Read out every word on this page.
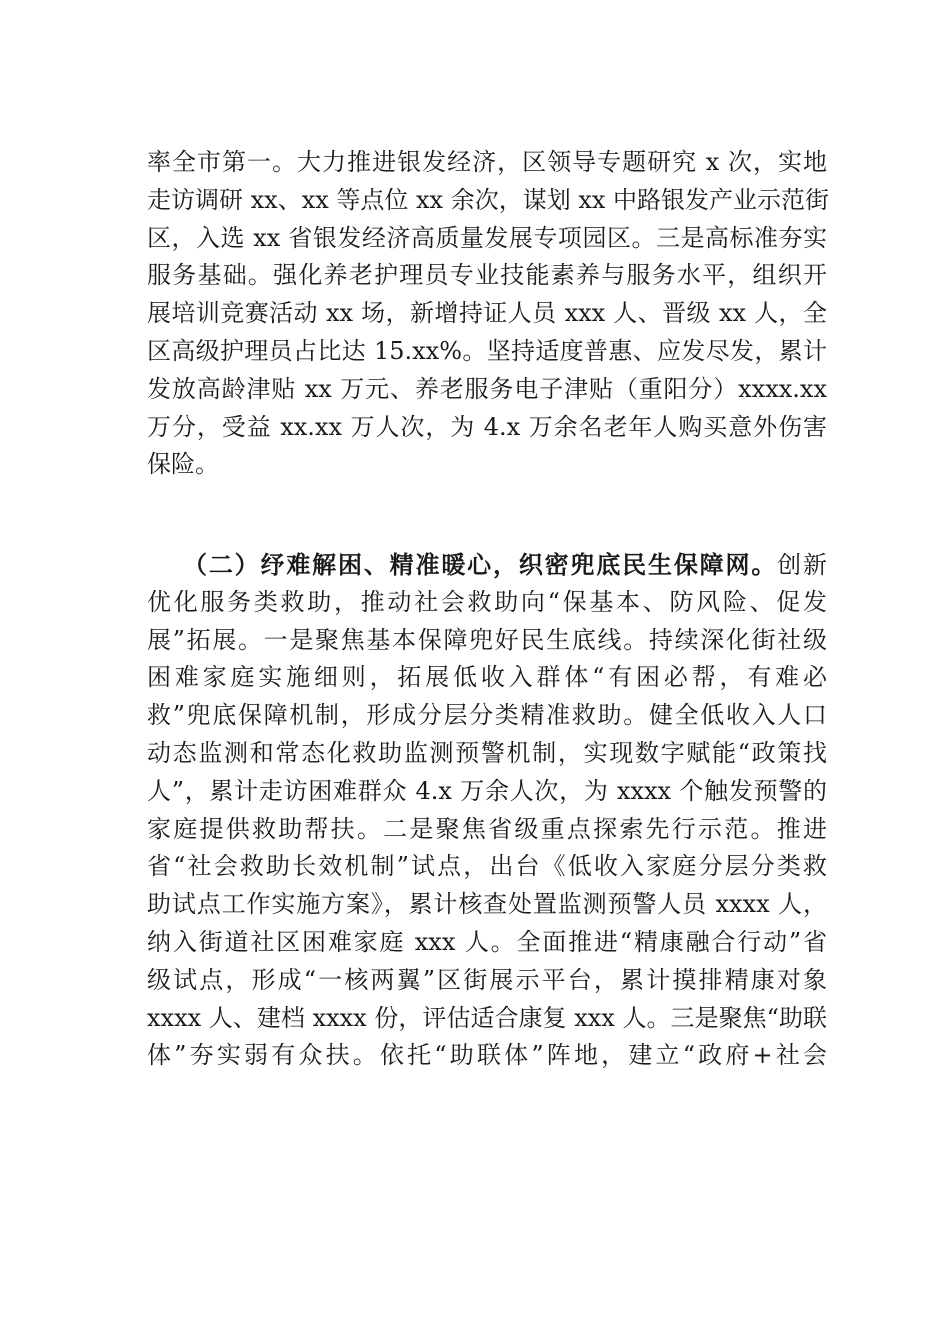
率全市第一。大力推进银发经济，区领导专题研究 x 次，实地
走访调研 xx、xx 等点位 xx 余次，谋划 xx 中路银发产业示范街
区，入选 xx 省银发经济高质量发展专项园区。三是高标准夯实
服务基础。强化养老护理员专业技能素养与服务水平，组织开
展培训竞赛活动 xx 场，新增持证人员 xxx 人、晋级 xx 人，全
区高级护理员占比达 15.xx%。坚持适度普惠、应发尽发，累计
发放高龄津贴 xx 万元、养老服务电子津贴（重阳分）xxxx.xx
万分，受益 xx.xx 万人次，为 4.x 万余名老年人购买意外伤害
保险。
（二）纾难解困、精准暖心，织密兜底民生保障网。创新
优化服务类救助，推动社会救助向“保基本、防风险、促发
展”拓展。一是聚焦基本保障兜好民生底线。持续深化街社级
困难家庭实施细则，拓展低收入群体“有困必帮，有难必
救”兜底保障机制，形成分层分类精准救助。健全低收入人口
动态监测和常态化救助监测预警机制，实现数字赋能“政策找
人”，累计走访困难群众 4.x 万余人次，为 xxxx 个触发预警的
家庭提供救助帮扶。二是聚焦省级重点探索先行示范。推进
省“社会救助长效机制”试点，出台《低收入家庭分层分类救
助试点工作实施方案》，累计核查处置监测预警人员 xxxx 人，
纳入街道社区困难家庭 xxx 人。全面推进“精康融合行动”省
级试点，形成“一核两翼”区街展示平台，累计摸排精康对象
xxxx 人、建档 xxxx 份，评估适合康复 xxx 人。三是聚焦“助联
体”夯实弱有众扶。依托“助联体”阵地，建立“政府+社会
